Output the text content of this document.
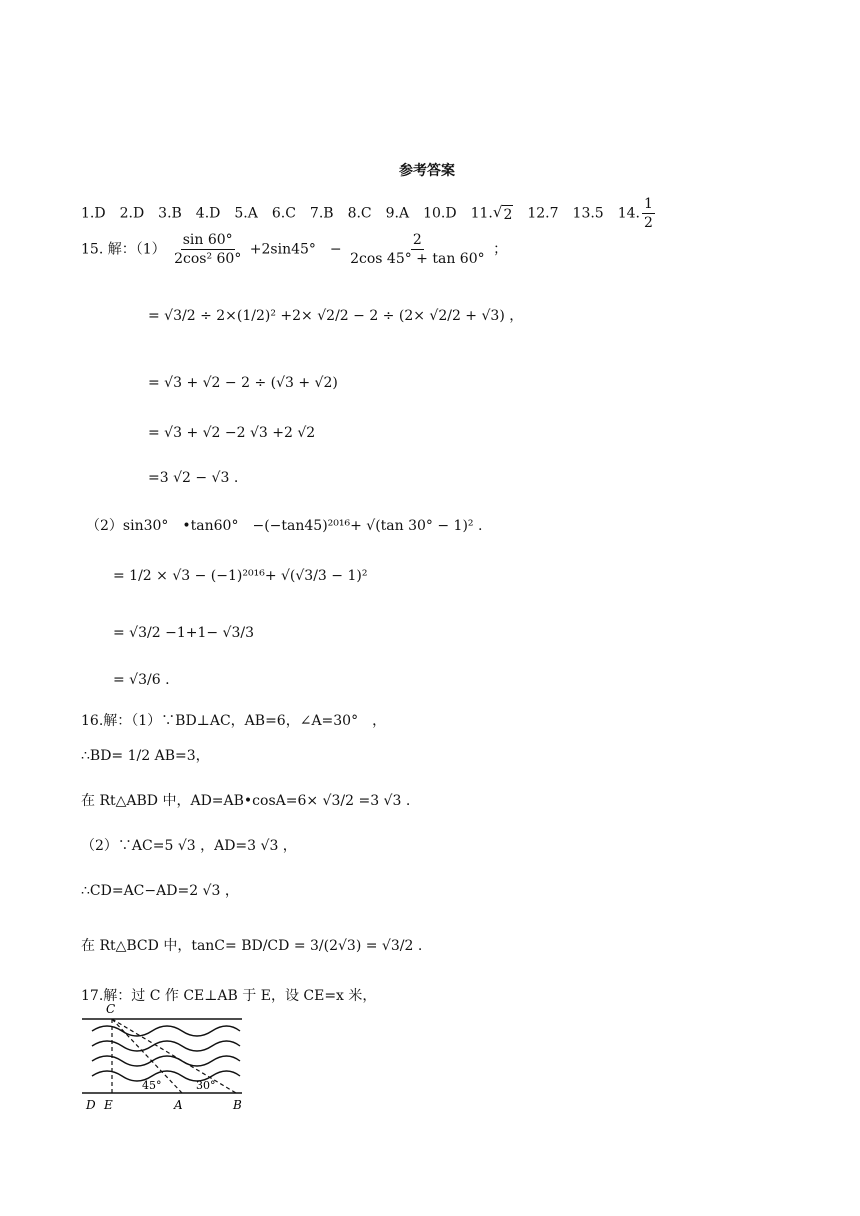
参考答案
1.D　2.D　3.B　4.D　5.A　6.C　7.B　8.C　9.A　10.D　11. √ 2 　12.7　13.5　14. $\frac{1}{2}$
15. 解：$(1) \frac{\sin 60^\circ}{\text{2cos² 60°}} +2\sin 45^\circ$　− $\frac{2}{2\cos 45^\circ + \tan 60^\circ}$ ；
= √3/2 ÷ 2×(1/2)² +2× √2/2 − 2 ÷ (2× √2/2 + √3) ，
= √3 + √2 − 2 ÷ (√3 + √2)
= √3 + √2 −2 √3 +2 √2
=3 √2 − √3 .
（2）sin30°　•tan60°　−(−tan45)²⁰¹⁶+ √(tan 30° − 1)² .
= 1/2 × √3 − (−1)²⁰¹⁶+ √(√3/3 − 1)²
= √3/2 −1+1− √3/3
= √3/6 .
16.解：（1）∵BD⊥AC，AB=6，∠A=30°　，
∴BD= 1/2 AB=3，
在 Rt△ABD 中，AD=AB•cosA=6× √3/2 =3 √3 .
（2）∵AC=5 √3 ，AD=3 √3 ，
∴CD=AC−AD=2 √3 ，
在 Rt△BCD 中，tanC= BD/CD = 3/(2√3) = √3/2 .
17.解：过 C 作 CE⊥AB 于 E，设 CE=x 米，
C
D E	A	B
45°	30°
